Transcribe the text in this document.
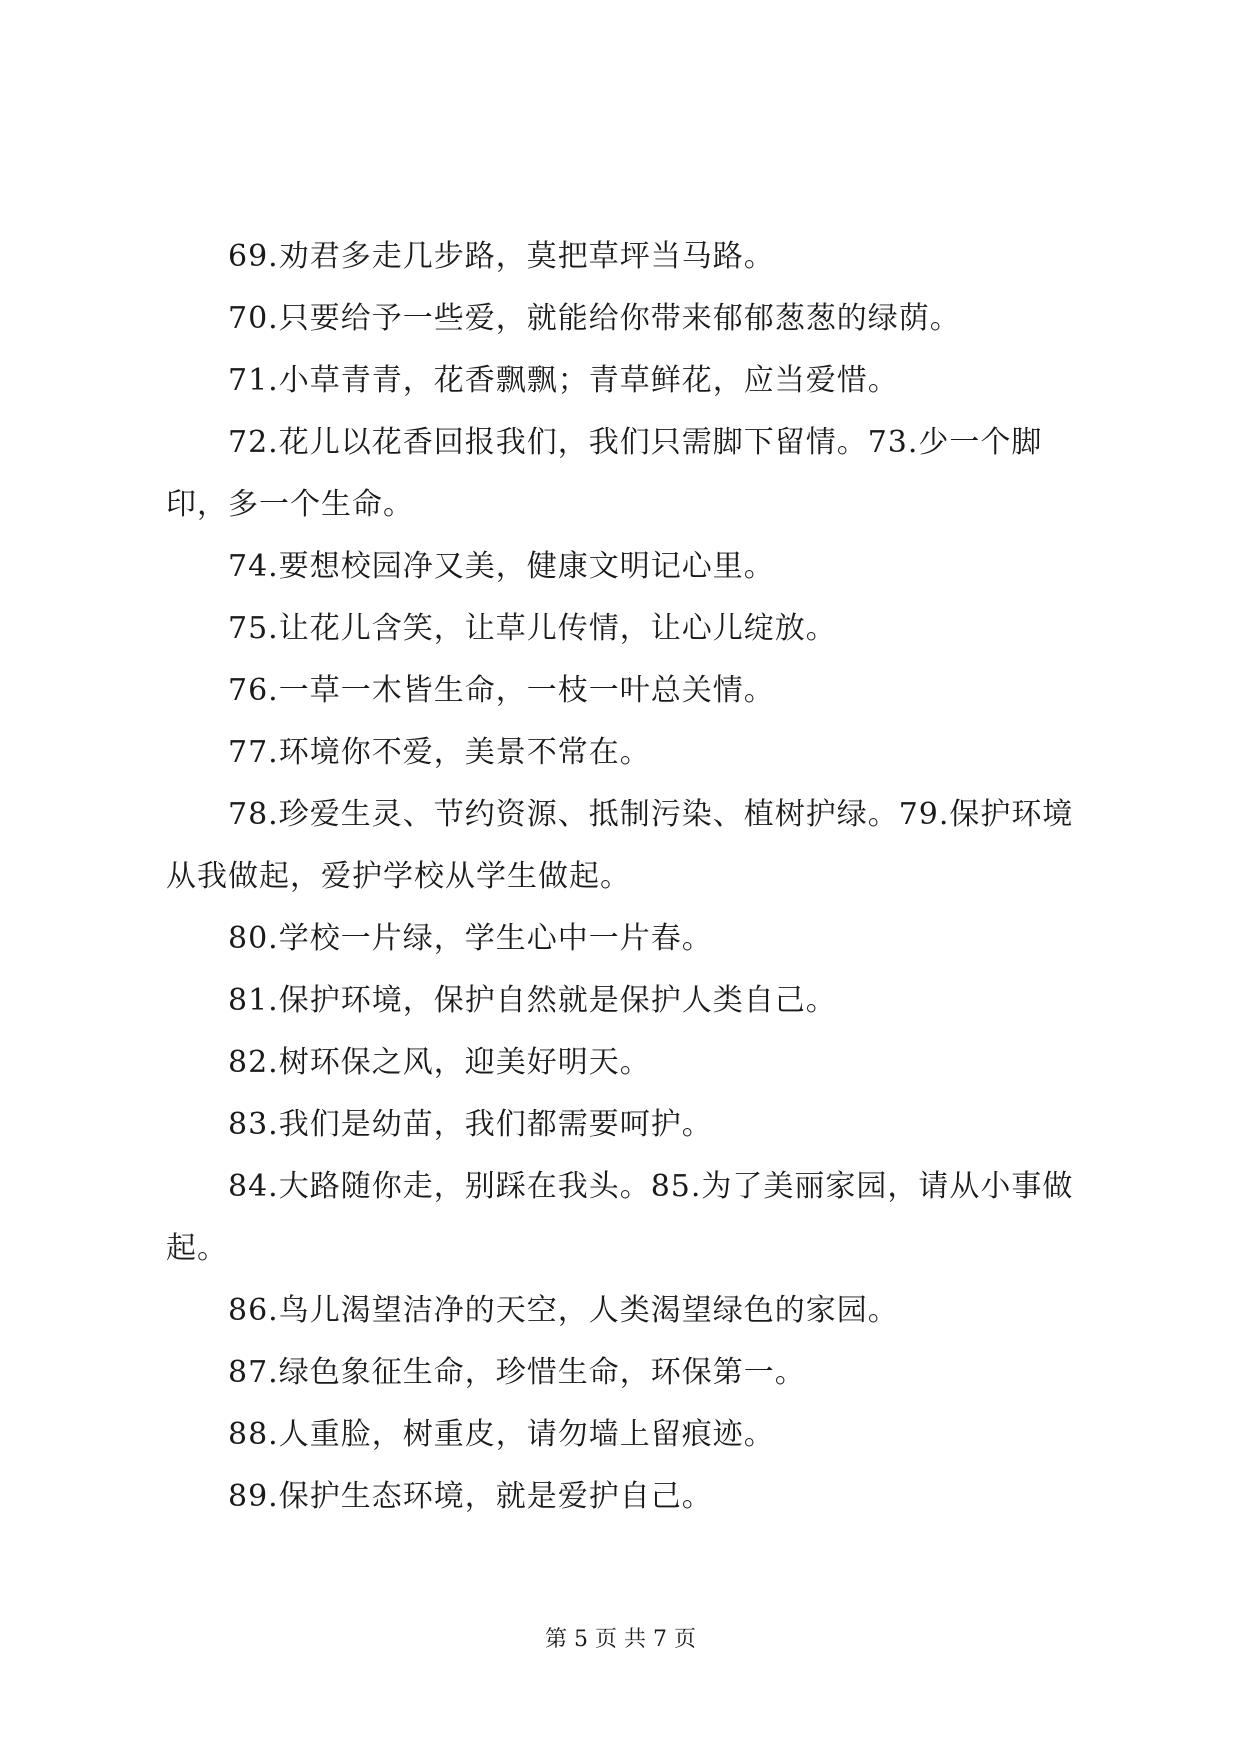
69.劝君多走几步路，莫把草坪当马路。

70.只要给予一些爱，就能给你带来郁郁葱葱的绿荫。

71.小草青青，花香飘飘；青草鲜花，应当爱惜。

72.花儿以花香回报我们，我们只需脚下留情。73.少一个脚印，多一个生命。

74.要想校园净又美，健康文明记心里。

75.让花儿含笑，让草儿传情，让心儿绽放。

76.一草一木皆生命，一枝一叶总关情。

77.环境你不爱，美景不常在。

78.珍爱生灵、节约资源、抵制污染、植树护绿。79.保护环境从我做起，爱护学校从学生做起。

80.学校一片绿，学生心中一片春。

81.保护环境，保护自然就是保护人类自己。

82.树环保之风，迎美好明天。

83.我们是幼苗，我们都需要呵护。

84.大路随你走，别踩在我头。85.为了美丽家园，请从小事做起。

86.鸟儿渴望洁净的天空，人类渴望绿色的家园。

87.绿色象征生命，珍惜生命，环保第一。

88.人重脸，树重皮，请勿墙上留痕迹。

89.保护生态环境，就是爱护自己。

第 5 页 共 7 页
